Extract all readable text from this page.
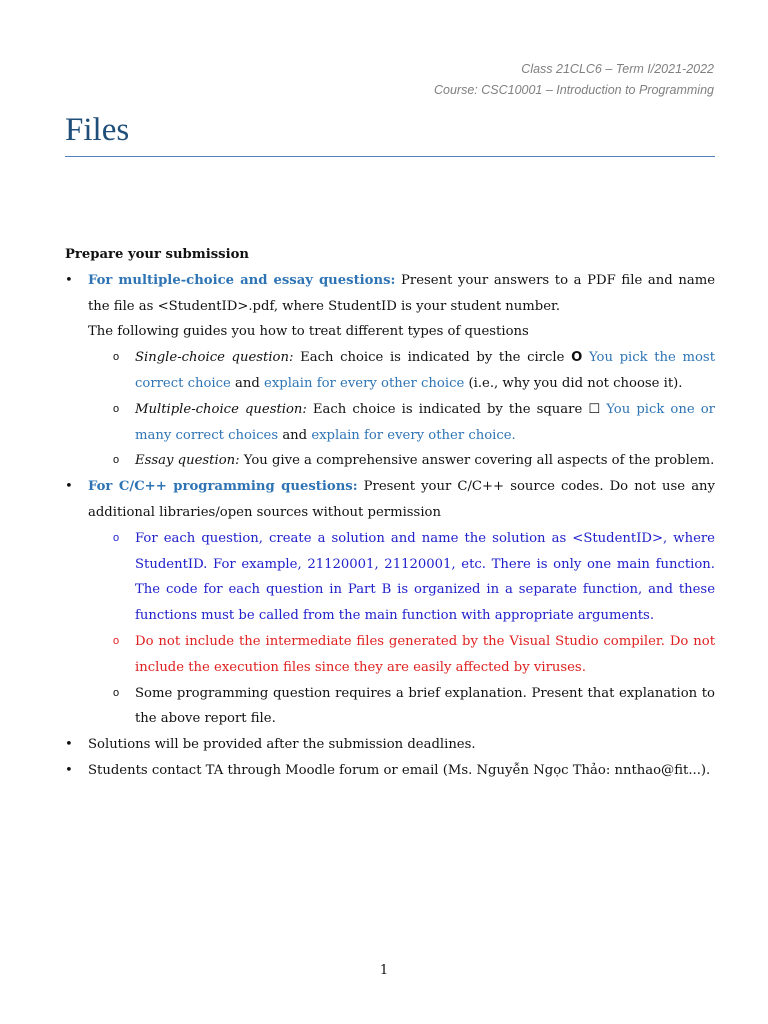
Class 21CLC6 – Term I/2021-2022
Course: CSC10001 – Introduction to Programming
Files

Prepare your submission

• For multiple-choice and essay questions: Present your answers to a PDF file and name the file as <StudentID>.pdf, where StudentID is your student number.
The following guides you how to treat different types of questions
o Single-choice question: Each choice is indicated by the circle O You pick the most correct choice and explain for every other choice (i.e., why you did not choose it).
o Multiple-choice question: Each choice is indicated by the square ☐ You pick one or many correct choices and explain for every other choice.
o Essay question: You give a comprehensive answer covering all aspects of the problem.
• For C/C++ programming questions: Present your C/C++ source codes. Do not use any additional libraries/open sources without permission
o For each question, create a solution and name the solution as <StudentID>, where StudentID. For example, 21120001, 21120001, etc. There is only one main function. The code for each question in Part B is organized in a separate function, and these functions must be called from the main function with appropriate arguments.
o Do not include the intermediate files generated by the Visual Studio compiler. Do not include the execution files since they are easily affected by viruses.
o Some programming question requires a brief explanation. Present that explanation to the above report file.
• Solutions will be provided after the submission deadlines.
• Students contact TA through Moodle forum or email (Ms. Nguyễn Ngọc Thảo: nnthao@fit...).
1
